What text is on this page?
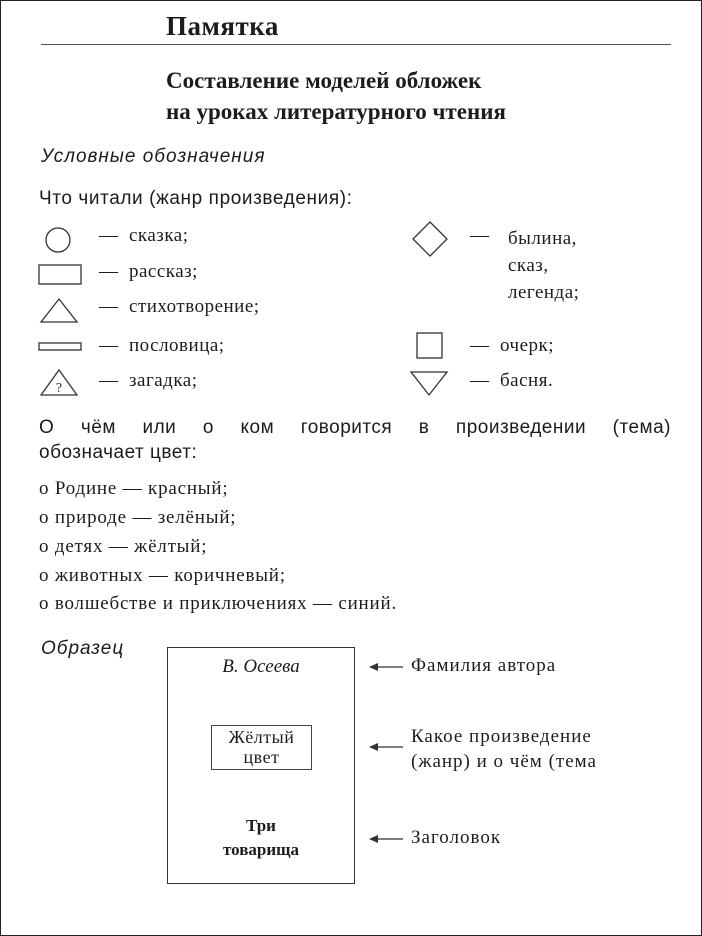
Памятка
Составление моделей обложек
на уроках литературного чтения
Условные обозначения
Что читали (жанр произведения):
— сказка;
— рассказ;
— стихотворение;
— пословица;
? — загадка;
— былина,
сказ,
легенда;
— очерк;
— басня.
О чём или о ком говорится в произведении (тема)
обозначает цвет:
о Родине — красный;
о природе — зелёный;
о детях — жёлтый;
о животных — коричневый;
о волшебстве и приключениях — синий.
Образец
В. Осеева
Жёлтый
цвет
Три
товарища
Фамилия автора
Какое произведение
(жанр) и о чём (тема
Заголовок
